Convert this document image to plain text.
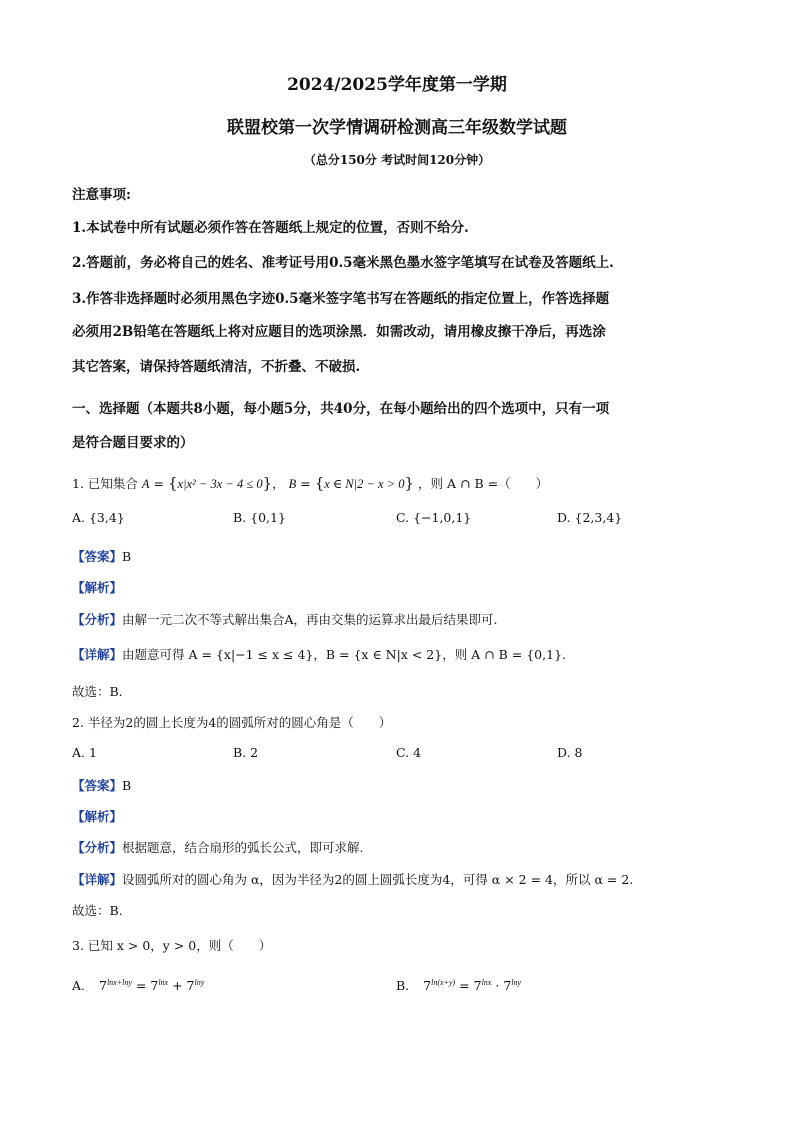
2024/2025学年度第一学期
联盟校第一次学情调研检测高三年级数学试题
（总分150分 考试时间120分钟）
注意事项:
1.本试卷中所有试题必须作答在答题纸上规定的位置，否则不给分.
2.答题前，务必将自己的姓名、准考证号用0.5毫米黑色墨水签字笔填写在试卷及答题纸上.
3.作答非选择题时必须用黑色字迹0.5毫米签字笔书写在答题纸的指定位置上，作答选择题
必须用2B铅笔在答题纸上将对应题目的选项涂黑．如需改动，请用橡皮擦干净后，再选涂
其它答案，请保持答题纸清洁，不折叠、不破损.
一、选择题（本题共8小题，每小题5分，共40分，在每小题给出的四个选项中，只有一项
是符合题目要求的）
1. 已知集合 A = {x|x² − 3x − 4 ≤ 0}， B = {x ∈ N|2 − x > 0} ，则 A ∩ B =（　　）
A. {3,4}	B. {0,1}	C. {−1,0,1}	D. {2,3,4}
【答案】B
【解析】
【分析】由解一元二次不等式解出集合A，再由交集的运算求出最后结果即可.
【详解】由题意可得 A = {x|−1 ≤ x ≤ 4}，B = {x ∈ N|x < 2}，则 A ∩ B = {0,1}.
故选：B.
2. 半径为2的圆上长度为4的圆弧所对的圆心角是（　　）
A. 1	B. 2	C. 4	D. 8
【答案】B
【解析】
【分析】根据题意，结合扇形的弧长公式，即可求解.
【详解】设圆弧所对的圆心角为 α，因为半径为2的圆上圆弧长度为4，可得 α × 2 = 4，所以 α = 2.
故选：B.
3. 已知 x > 0，y > 0，则（　　）
A. $7^{lnx+lny} = 7^{lnx} + 7^{lny}$	B. $7^{ln(x+y)} = 7^{lnx} \cdot 7^{lny}$
